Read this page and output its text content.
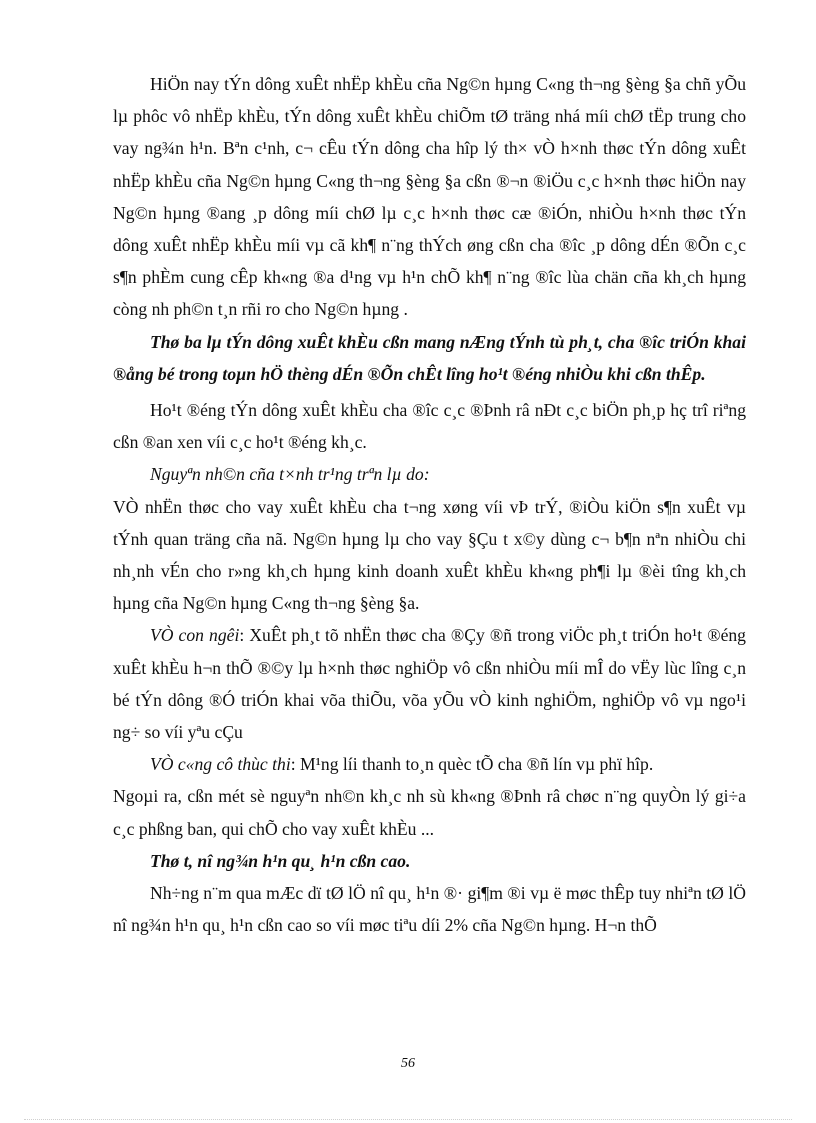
HiÖn nay tÝn dông xuÊt nhËp khÈu cña Ng©n hµng C«ng th¬ng §èng §a chñ yÕu lµ phôc vô nhËp khÈu, tÝn dông xuÊt khÈu chiÕm tØ träng nhá míi chØ tËp trung cho vay ng¾n h¹n. Bªn c¹nh, c¬ cÊu tÝn dông cha hîp lý th× vÒ h×nh thøc tÝn dông xuÊt nhËp khÈu cña Ng©n hµng C«ng th¬ng §èng §a cßn ®¬n ®iÖu c¸c h×nh thøc hiÖn nay Ng©n hµng ®ang ¸p dông míi chØ lµ c¸c h×nh thøc cæ ®iÓn, nhiÒu h×nh thøc tÝn dông xuÊt nhËp khÈu míi vµ cã kh¶ n¨ng thÝch øng cßn cha ®îc ¸p dông dÉn ®Õn c¸c s¶n phÈm cung cÊp kh«ng ®a d¹ng vµ h¹n chÕ kh¶ n¨ng ®îc lùa chän cña kh¸ch hµng còng nh ph©n t¸n rñi ro cho Ng©n hµng .

Thø ba lµ tÝn dông xuÊt khÈu cßn mang nÆng tÝnh tù ph¸t, cha ®îc triÓn khai ®ång bé trong toµn hÖ thèng dÉn ®Õn chÊt lîng ho¹t ®éng nhiÒu khi cßn thÊp.

Ho¹t ®éng tÝn dông xuÊt khÈu cha ®îc c¸c ®Þnh râ nÐt c¸c biÖn ph¸p hç trî riªng cßn ®an xen víi c¸c ho¹t ®éng kh¸c.

Nguyªn nh©n cña t×nh tr¹ng trªn lµ do:

VÒ nhËn thøc cho vay xuÊt khÈu cha t¬ng xøng víi vÞ trÝ, ®iÒu kiÖn s¶n xuÊt vµ tÝnh quan träng cña nã. Ng©n hµng lµ cho vay §Çu t x©y dùng c¬ b¶n nªn nhiÒu chi nh¸nh vÉn cho r»ng kh¸ch hµng kinh doanh xuÊt khÈu kh«ng ph¶i lµ ®èi tîng kh¸ch hµng cña Ng©n hµng C«ng th¬ng §èng §a.

VÒ con ngêi: XuÊt ph¸t tõ nhËn thøc cha ®Çy ®ñ trong viÖc ph¸t triÓn ho¹t ®éng xuÊt khÈu h¬n thÕ ®©y lµ h×nh thøc nghiÖp vô cßn nhiÒu míi mÎ do vËy lùc lîng c¸n bé tÝn dông ®Ó triÓn khai võa thiÕu, võa yÕu vÒ kinh nghiÖm, nghiÖp vô vµ ngo¹i ng÷ so víi yªu cÇu

VÒ c«ng cô thùc thi: M¹ng líi thanh to¸n quèc tÕ cha ®ñ lín vµ phï hîp.

Ngoµi ra, cßn mét sè nguyªn nh©n kh¸c nh sù kh«ng ®Þnh râ chøc n¨ng quyÒn lý gi÷a c¸c phßng ban, qui chÕ cho vay xuÊt khÈu ...

Thø t, nî ng¾n h¹n qu¸ h¹n cßn cao.

Nh÷ng n¨m qua mÆc dï tØ lÖ nî qu¸ h¹n ®· gi¶m ®i vµ ë møc thÊp tuy nhiªn tØ lÖ nî ng¾n h¹n qu¸ h¹n cßn cao so víi møc tiªu díi 2% cña Ng©n hµng. H¬n thÕ

56
